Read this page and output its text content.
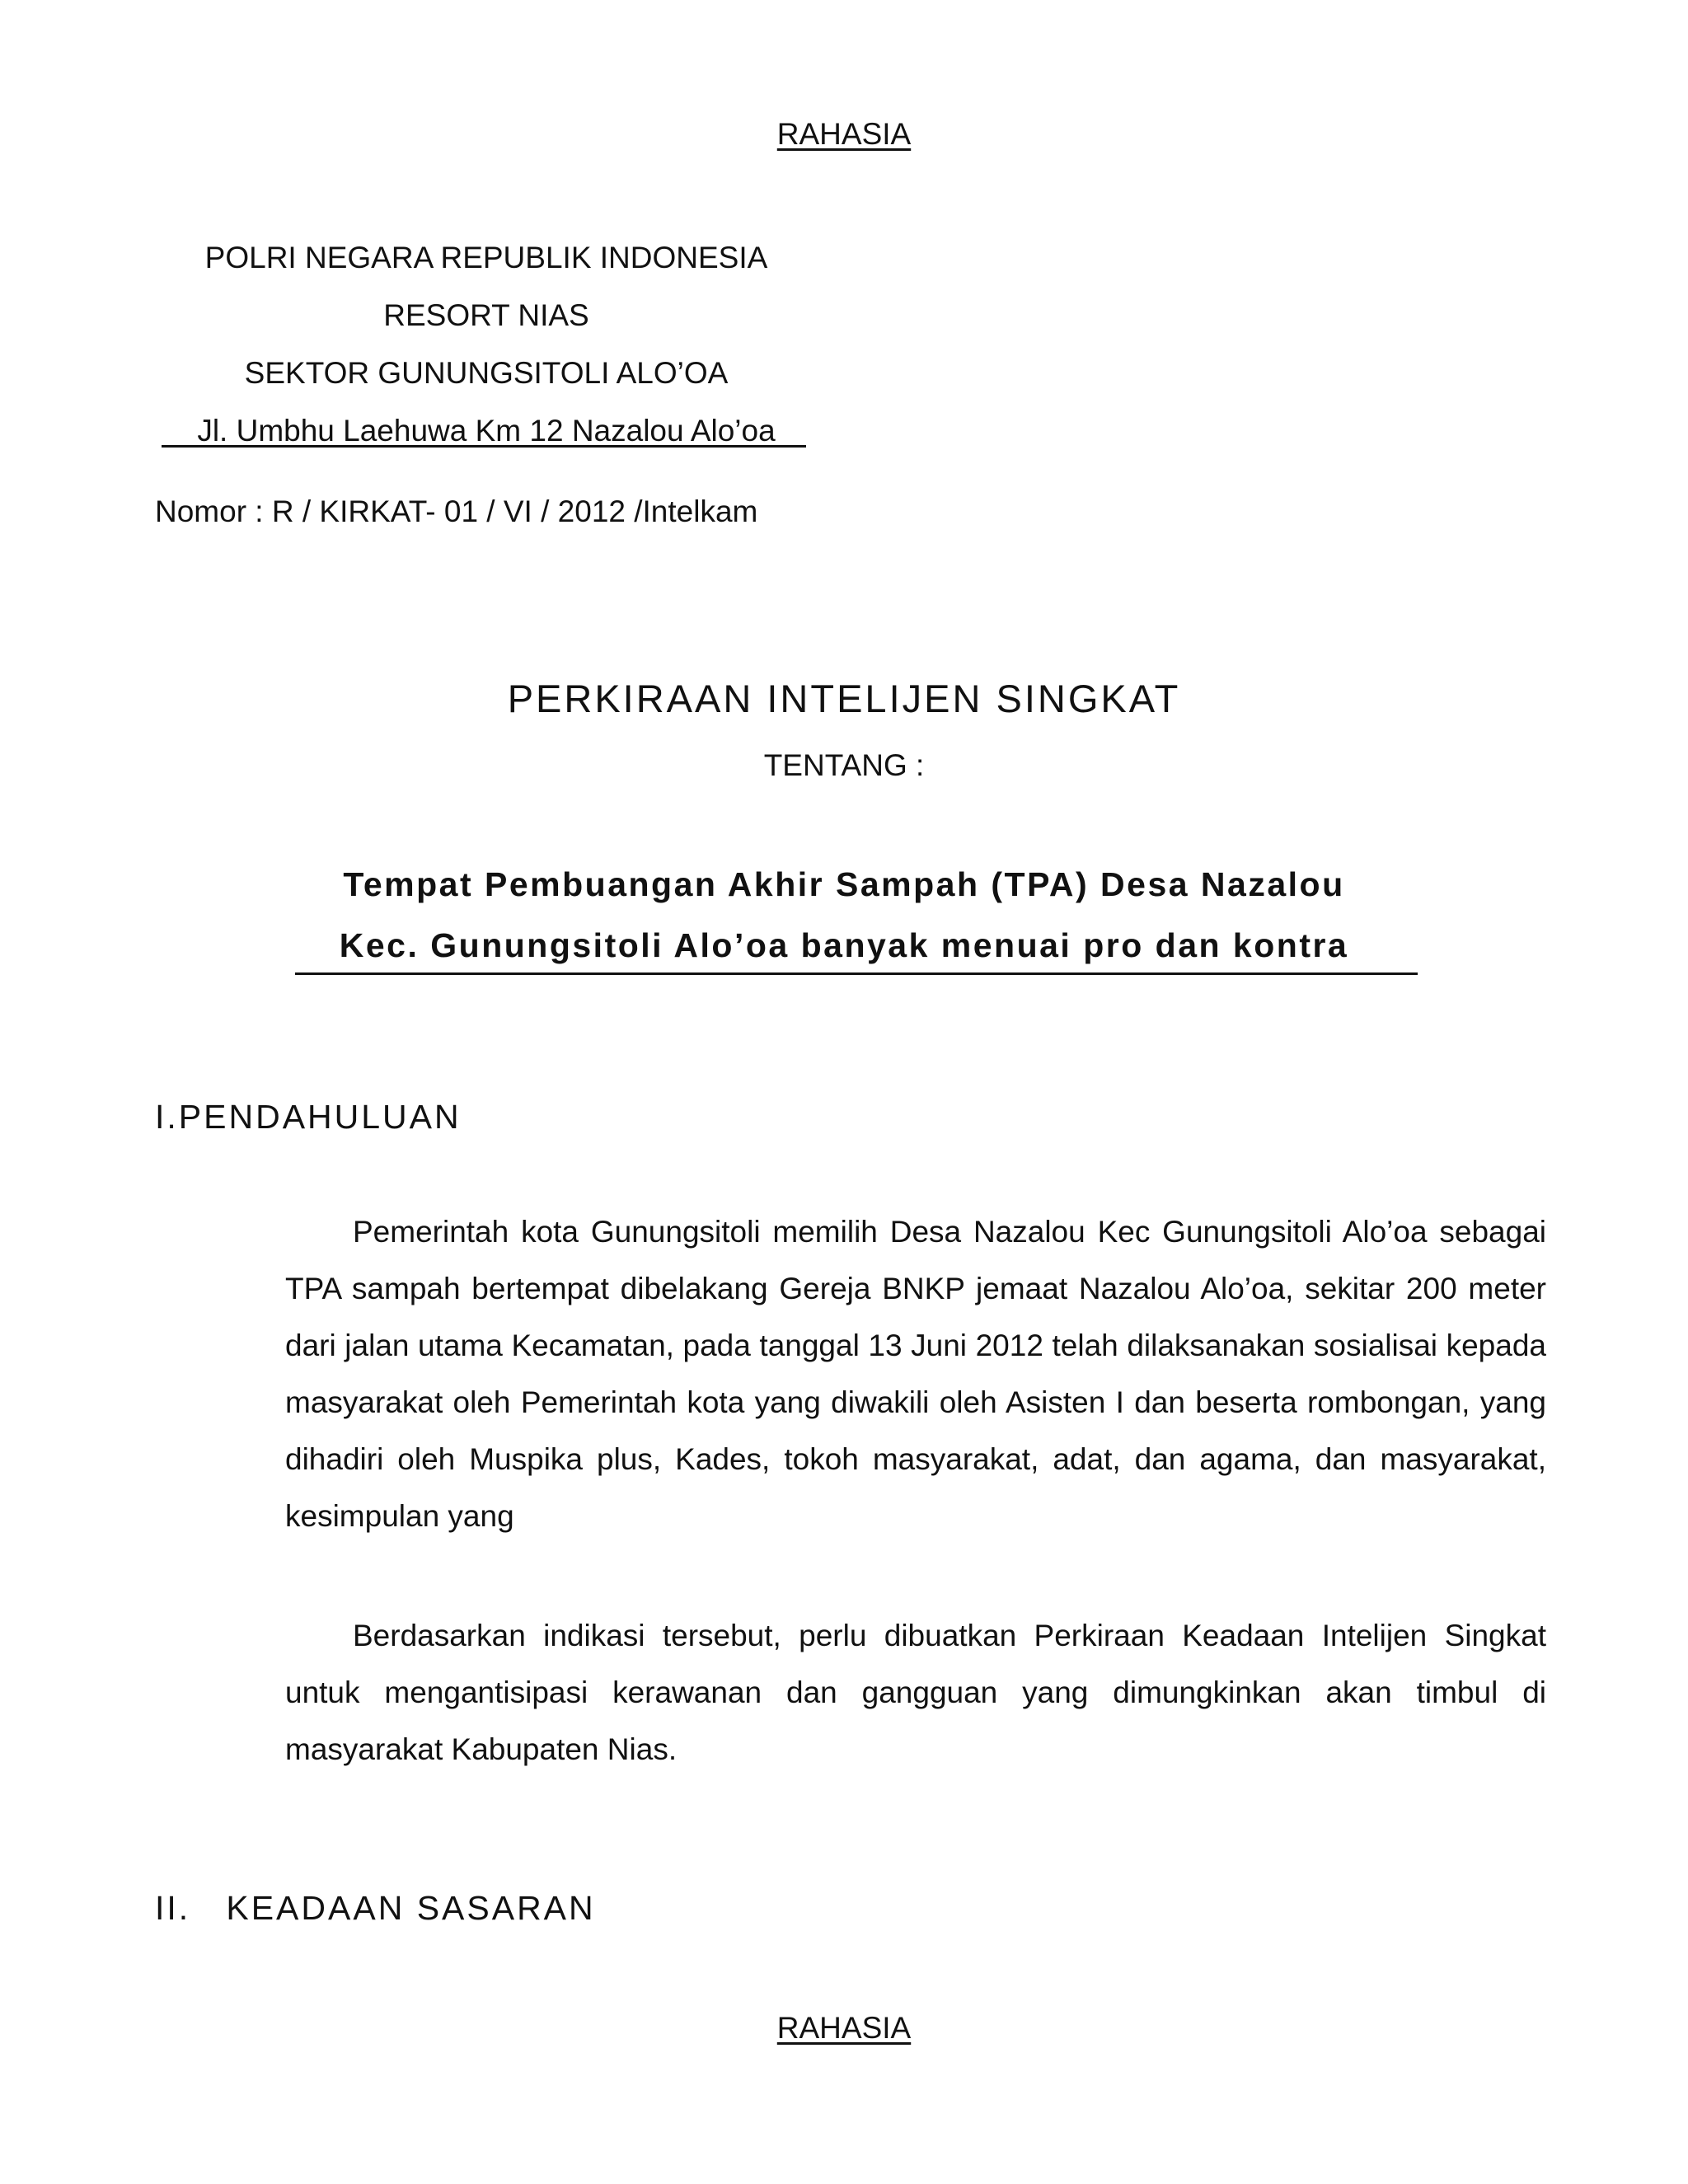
RAHASIA
POLRI NEGARA REPUBLIK INDONESIA
RESORT NIAS
SEKTOR GUNUNGSITOLI ALO’OA
Jl. Umbhu Laehuwa Km 12 Nazalou Alo’oa
Nomor : R / KIRKAT- 01 / VI / 2012 /Intelkam
PERKIRAAN INTELIJEN SINGKAT
TENTANG :
Tempat Pembuangan Akhir Sampah (TPA) Desa Nazalou
Kec. Gunungsitoli Alo’oa banyak menuai pro dan kontra
I.PENDAHULUAN
Pemerintah kota Gunungsitoli memilih Desa Nazalou Kec Gunungsitoli Alo’oa sebagai TPA sampah bertempat dibelakang Gereja BNKP jemaat Nazalou Alo’oa, sekitar 200 meter dari jalan utama Kecamatan, pada tanggal 13 Juni 2012 telah dilaksanakan sosialisai kepada masyarakat oleh Pemerintah kota yang diwakili oleh Asisten I dan beserta rombongan, yang dihadiri oleh Muspika plus, Kades, tokoh masyarakat, adat, dan agama, dan masyarakat, kesimpulan yang
Berdasarkan indikasi tersebut, perlu dibuatkan Perkiraan Keadaan Intelijen Singkat untuk mengantisipasi kerawanan dan gangguan yang dimungkinkan akan timbul di masyarakat Kabupaten Nias.
II.   KEADAAN SASARAN
RAHASIA
